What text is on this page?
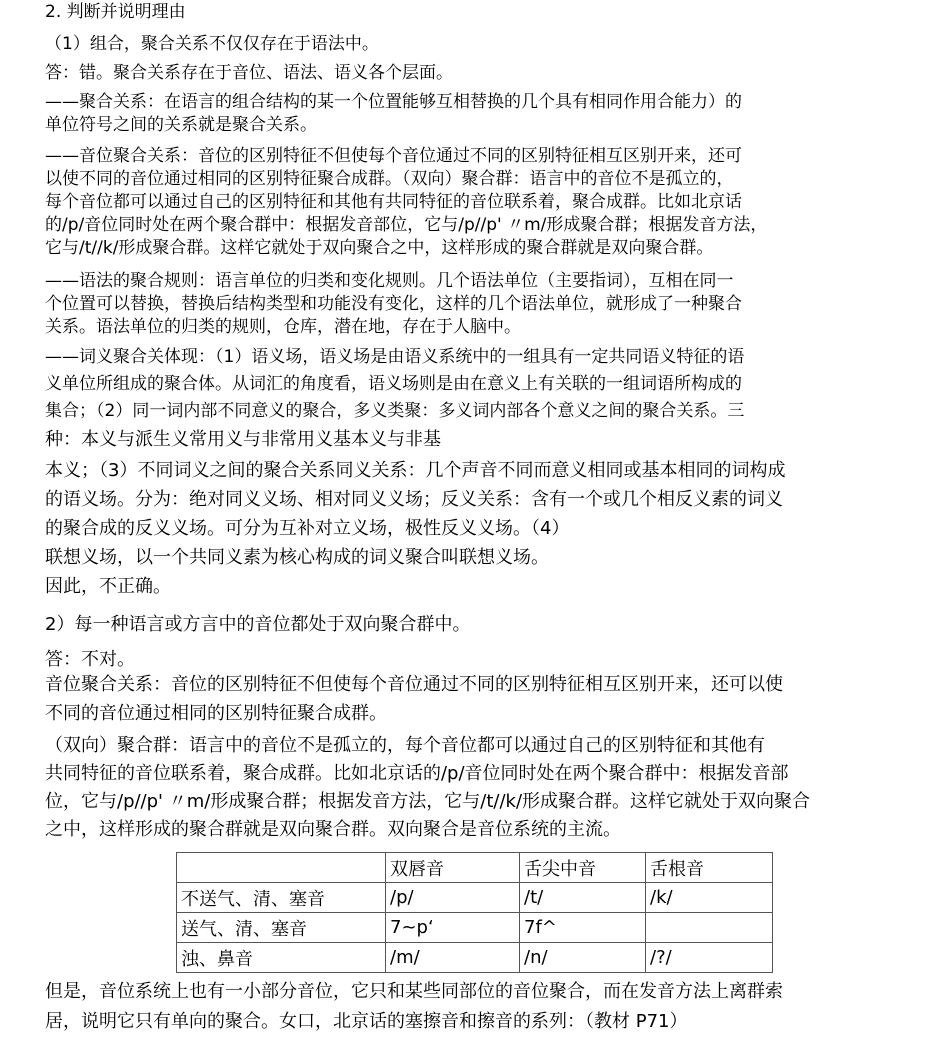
2. 判断并说明理由
（1）组合，聚合关系不仅仅存在于语法中。
答：错。聚合关系存在于音位、语法、语义各个层面。
——聚合关系：在语言的组合结构的某一个位置能够互相替换的几个具有相同作用合能力）的
单位符号之间的关系就是聚合关系。
——音位聚合关系：音位的区别特征不但使每个音位通过不同的区别特征相互区别开来，还可
以使不同的音位通过相同的区别特征聚合成群。（双向）聚合群：语言中的音位不是孤立的，
每个音位都可以通过自己的区别特征和其他有共同特征的音位联系着，聚合成群。比如北京话
的/p/音位同时处在两个聚合群中：根据发音部位，它与/p//p' 〃m/形成聚合群；根据发音方法，
它与/t//k/形成聚合群。这样它就处于双向聚合之中，这样形成的聚合群就是双向聚合群。
——语法的聚合规则：语言单位的归类和变化规则。几个语法单位（主要指词），互相在同一
个位置可以替换，替换后结构类型和功能没有变化，这样的几个语法单位，就形成了一种聚合
关系。语法单位的归类的规则，仓库，潜在地，存在于人脑中。
——词义聚合关体现：（1）语义场，语义场是由语义系统中的一组具有一定共同语义特征的语
义单位所组成的聚合体。从词汇的角度看，语义场则是由在意义上有关联的一组词语所构成的
集合；（2）同一词内部不同意义的聚合，多义类聚：多义词内部各个意义之间的聚合关系。三
种：本义与派生义常用义与非常用义基本义与非基
本义；（3）不同词义之间的聚合关系同义关系：几个声音不同而意义相同或基本相同的词构成
的语义场。分为：绝对同义义场、相对同义义场；反义关系：含有一个或几个相反义素的词义
的聚合成的反义义场。可分为互补对立义场，极性反义义场。（4）
联想义场，以一个共同义素为核心构成的词义聚合叫联想义场。
因此，不正确。
2）每一种语言或方言中的音位都处于双向聚合群中。
答：不对。
音位聚合关系：音位的区别特征不但使每个音位通过不同的区别特征相互区别开来，还可以使
不同的音位通过相同的区别特征聚合成群。
（双向）聚合群：语言中的音位不是孤立的，每个音位都可以通过自己的区别特征和其他有
共同特征的音位联系着，聚合成群。比如北京话的/p/音位同时处在两个聚合群中：根据发音部
位，它与/p//p' 〃m/形成聚合群；根据发音方法，它与/t//k/形成聚合群。这样它就处于双向聚合
之中，这样形成的聚合群就是双向聚合群。双向聚合是音位系统的主流。
	双唇音	舌尖中音	舌根音
不送气、清、塞音	/p/	/t/	/k/
送气、清、塞音	7~p‘	7f^	
浊、鼻音	/m/	/n/	/?/
但是，音位系统上也有一小部分音位，它只和某些同部位的音位聚合，而在发音方法上离群索
居，说明它只有单向的聚合。女口，北京话的塞擦音和擦音的系列：（教材 P71）
